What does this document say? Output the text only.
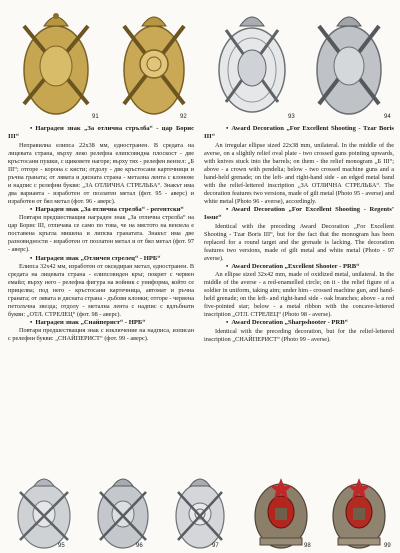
91	92	93	94
• Награден знак „За отлична стрълба“ - цар Борис III“

Неправилна елипса 22х38 мм, едностранен. В средата на лицевата страна, върху леко релефна елипсовидна плоскост - две кръстосани пушки, с щиковете нагоре; върху тях - релефен вензел: „Б III“; отгоре - корона с кисти; отдолу - две кръстосани картечници и ръчна граната; от лявата и дясната страна - метална лента с клонове и надпис с релефни букви: „ЗА ОТЛИЧНА СТРЕЛЬБА“. Знакът има два варианта - изработен от позлатен метал (фот. 95 - аверс) и изработен от бял метал (фот. 96 - аверс).

• Награден знак „За отлична стрелба“ - регентски“

Повтаря предшестващия награден знак „За отлична стрелба“ на цар Борис III, отличава се само по това, че на мястото на вензела е поставена кръгла мишена и липсва гранатата. Знакът има две разновидности - изработен от позлатен метал и от бял метал (фот. 97 - аверс).

• Награден знак „Отличен стрелец“ - НРБ“

Елипса 32х42 мм, изработен от оксидиран метал, едностранен. В средата на лицевата страна - елипсовиден кръг, покрит с червен емайл; върху него - релефна фигура на войник с униформа, който се прицелва; под него - кръстосани картечница, автомат и ръчна граната; от лявата и дясната страна - дъбови клонки; отгоре - червена петолъчна звезда; отдолу - метална лента с надпис с вдлъбнати букви: „ОТЛ. СТРЕЛЕЦ“ (фот. 98 - аверс).

• Награден знак „Снайперист“ - НРБ“

Повтаря предшестващия знак с изключение на надписа, изписан с релефни букви: „СНАЙПЕРИСТ“ (фот. 99 - аверс).

• Award Decoration „For Excellent Shooting - Tzar Boris III“

An irregular ellipse sized 22x38 mm, unilateral. In the middle of the averse, on a slightly relief oval plate - two crossed guns pointing upwards, with knives stuck into the barrels; on them - the relief monogram „Б III“; above - a crown with pendelia; below - two crossed machine guns and a hand-held grenade; on the left- and right-hand side - an edged metal band with the relief-lettered inscription „ЗА ОТЛИЧНА СТРЕЛЬБА“. The decoration features two versions, made of gilt metal (Photo 95 - averse) and white metal (Photo 96 - averse), accordingly.

• Award Decoration „For Excellent Shooting - Regents’ Issue“

Identical with the preceding Award Decoration „For Excellent Shooting - Tzar Boris III“, but for the fact that the monogram has been replaced for a round target and the grenade is lacking. The decoration features two versions, made of gilt metal and white metal (Photo - 97 averse).

• Award Decoration „Excellent Shooter - PRB“

An ellipse sized 32x42 mm, made of oxidized metal, unilateral. In the middle of the averse - a red-enamelled circle; on it - the relief figure of a soldier in uniform, taking aim; under him - crossed machine gun, and hand-held grenade; on the left- and right-hand side - oak branches; above - a red five-pointed star; below - a metal ribbon with the concave-lettered inscription „ОТЛ. СТРЕЛЕЦ“ (Photo 98 - averse).

• Award Decoration „Sharpshooter - PRB“

Identical with the preceding decoration, but for the relief-lettered inscription „СНАЙПЕРИСТ“ (Photo 99 - averse).

95	96	97	98	99
